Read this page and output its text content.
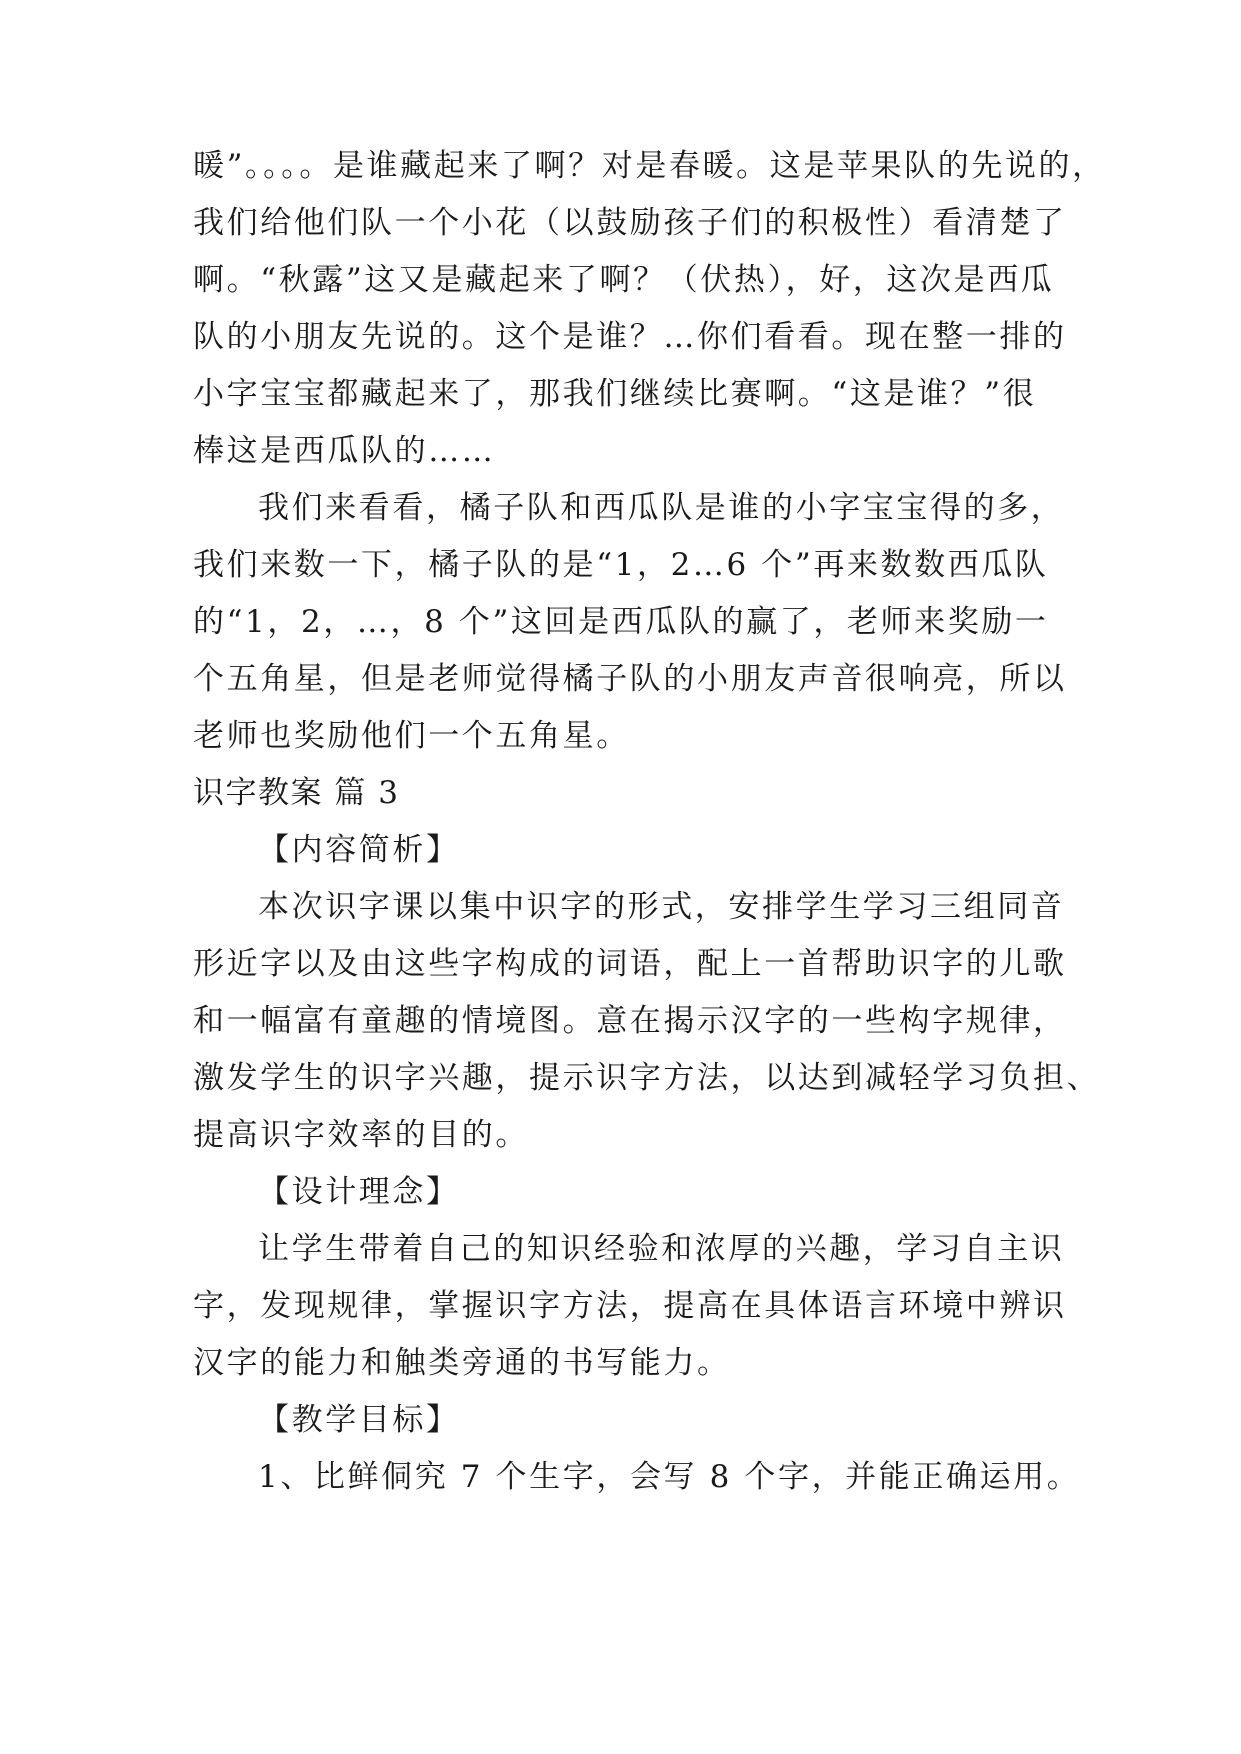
暖”。。。。是谁藏起来了啊？对是春暖。这是苹果队的先说的，
我们给他们队一个小花（以鼓励孩子们的积极性）看清楚了
啊。“秋露”这又是藏起来了啊？（伏热），好，这次是西瓜
队的小朋友先说的。这个是谁？…你们看看。现在整一排的
小字宝宝都藏起来了，那我们继续比赛啊。“这是谁？”很
棒这是西瓜队的……
我们来看看，橘子队和西瓜队是谁的小字宝宝得的多，
我们来数一下，橘子队的是“1，2…6 个”再来数数西瓜队
的“1，2，…，8 个”这回是西瓜队的赢了，老师来奖励一
个五角星，但是老师觉得橘子队的小朋友声音很响亮，所以
老师也奖励他们一个五角星。
识字教案 篇 3
【内容简析】
本次识字课以集中识字的形式，安排学生学习三组同音
形近字以及由这些字构成的词语，配上一首帮助识字的儿歌
和一幅富有童趣的情境图。意在揭示汉字的一些构字规律，
激发学生的识字兴趣，提示识字方法，以达到减轻学习负担、
提高识字效率的目的。
【设计理念】
让学生带着自己的知识经验和浓厚的兴趣，学习自主识
字，发现规律，掌握识字方法，提高在具体语言环境中辨识
汉字的能力和触类旁通的书写能力。
【教学目标】
1、比鲜侗究 7 个生字，会写 8 个字，并能正确运用。
